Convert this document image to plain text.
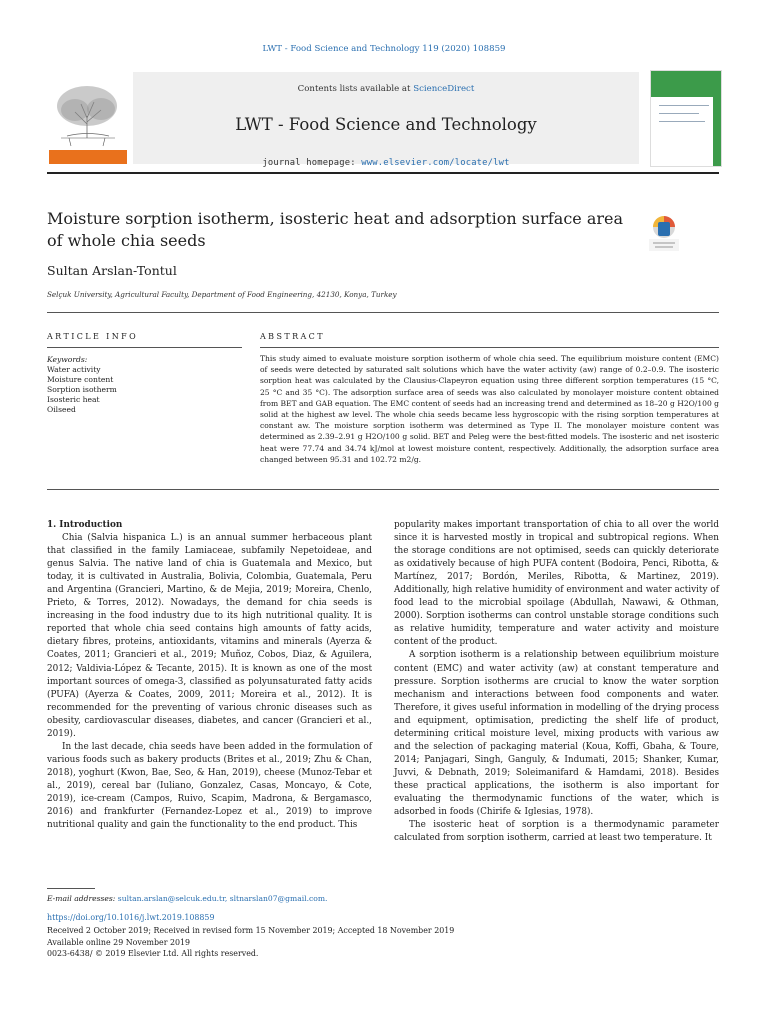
LWT - Food Science and Technology 119 (2020) 108859
Contents lists available at ScienceDirect
LWT - Food Science and Technology
journal homepage: www.elsevier.com/locate/lwt
Moisture sorption isotherm, isosteric heat and adsorption surface area of whole chia seeds
Sultan Arslan-Tontul
Selçuk University, Agricultural Faculty, Department of Food Engineering, 42130, Konya, Turkey
ARTICLE INFO
Keywords:
Water activity
Moisture content
Sorption isotherm
Isosteric heat
Oilseed
ABSTRACT
This study aimed to evaluate moisture sorption isotherm of whole chia seed. The equilibrium moisture content (EMC) of seeds were detected by saturated salt solutions which have the water activity (aw) range of 0.2–0.9. The isosteric sorption heat was calculated by the Clausius-Clapeyron equation using three different sorption temperatures (15 °C, 25 °C and 35 °C). The adsorption surface area of seeds was also calculated by monolayer moisture content obtained from BET and GAB equation. The EMC content of seeds had an increasing trend and determined as 18–20 g H2O/100 g solid at the highest aw level. The whole chia seeds became less hygroscopic with the rising sorption temperatures at constant aw. The moisture sorption isotherm was determined as Type II. The monolayer moisture content was determined as 2.39–2.91 g H2O/100 g solid. BET and Peleg were the best-fitted models. The isosteric and net isosteric heat were 77.74 and 34.74 kJ/mol at lowest moisture content, respectively. Additionally, the adsorption surface area changed between 95.31 and 102.72 m2/g.

1. Introduction

Chia (Salvia hispanica L.) is an annual summer herbaceous plant that classified in the family Lamiaceae, subfamily Nepetoideae, and genus Salvia. The native land of chia is Guatemala and Mexico, but today, it is cultivated in Australia, Bolivia, Colombia, Guatemala, Peru and Argentina (Grancieri, Martino, & de Mejia, 2019; Moreira, Chenlo, Prieto, & Torres, 2012). Nowadays, the demand for chia seeds is increasing in the food industry due to its high nutritional quality. It is reported that whole chia seed contains high amounts of fatty acids, dietary fibres, proteins, antioxidants, vitamins and minerals (Ayerza & Coates, 2011; Grancieri et al., 2019; Muñoz, Cobos, Diaz, & Aguilera, 2012; Valdivia-López & Tecante, 2015). It is known as one of the most important sources of omega-3, classified as polyunsaturated fatty acids (PUFA) (Ayerza & Coates, 2009, 2011; Moreira et al., 2012). It is recommended for the preventing of various chronic diseases such as obesity, cardiovascular diseases, diabetes, and cancer (Grancieri et al., 2019).

In the last decade, chia seeds have been added in the formulation of various foods such as bakery products (Brites et al., 2019; Zhu & Chan, 2018), yoghurt (Kwon, Bae, Seo, & Han, 2019), cheese (Munoz-Tebar et al., 2019), cereal bar (Iuliano, Gonzalez, Casas, Moncayo, & Cote, 2019), ice-cream (Campos, Ruivo, Scapim, Madrona, & Bergamasco, 2016) and frankfurter (Fernandez-Lopez et al., 2019) to improve nutritional quality and gain the functionality to the end product. This

popularity makes important transportation of chia to all over the world since it is harvested mostly in tropical and subtropical regions. When the storage conditions are not optimised, seeds can quickly deteriorate as oxidatively because of high PUFA content (Bodoira, Penci, Ribotta, & Martínez, 2017; Bordón, Meriles, Ribotta, & Martinez, 2019). Additionally, high relative humidity of environment and water activity of food lead to the microbial spoilage (Abdullah, Nawawi, & Othman, 2000). Sorption isotherms can control unstable storage conditions such as relative humidity, temperature and water activity and moisture content of the product.

A sorption isotherm is a relationship between equilibrium moisture content (EMC) and water activity (aw) at constant temperature and pressure. Sorption isotherms are crucial to know the water sorption mechanism and interactions between food components and water. Therefore, it gives useful information in modelling of the drying process and equipment, optimisation, predicting the shelf life of product, determining critical moisture level, mixing products with various aw and the selection of packaging material (Koua, Koffi, Gbaha, & Toure, 2014; Panjagari, Singh, Ganguly, & Indumati, 2015; Shanker, Kumar, Juvvi, & Debnath, 2019; Soleimanifard & Hamdami, 2018). Besides these practical applications, the isotherm is also important for evaluating the thermodynamic functions of the water, which is adsorbed in foods (Chirife & Iglesias, 1978).

The isosteric heat of sorption is a thermodynamic parameter calculated from sorption isotherm, carried at least two temperature. It

E-mail addresses: sultan.arslan@selcuk.edu.tr, sltnarslan07@gmail.com.
https://doi.org/10.1016/j.lwt.2019.108859
Received 2 October 2019; Received in revised form 15 November 2019; Accepted 18 November 2019
Available online 29 November 2019
0023-6438/ © 2019 Elsevier Ltd. All rights reserved.
